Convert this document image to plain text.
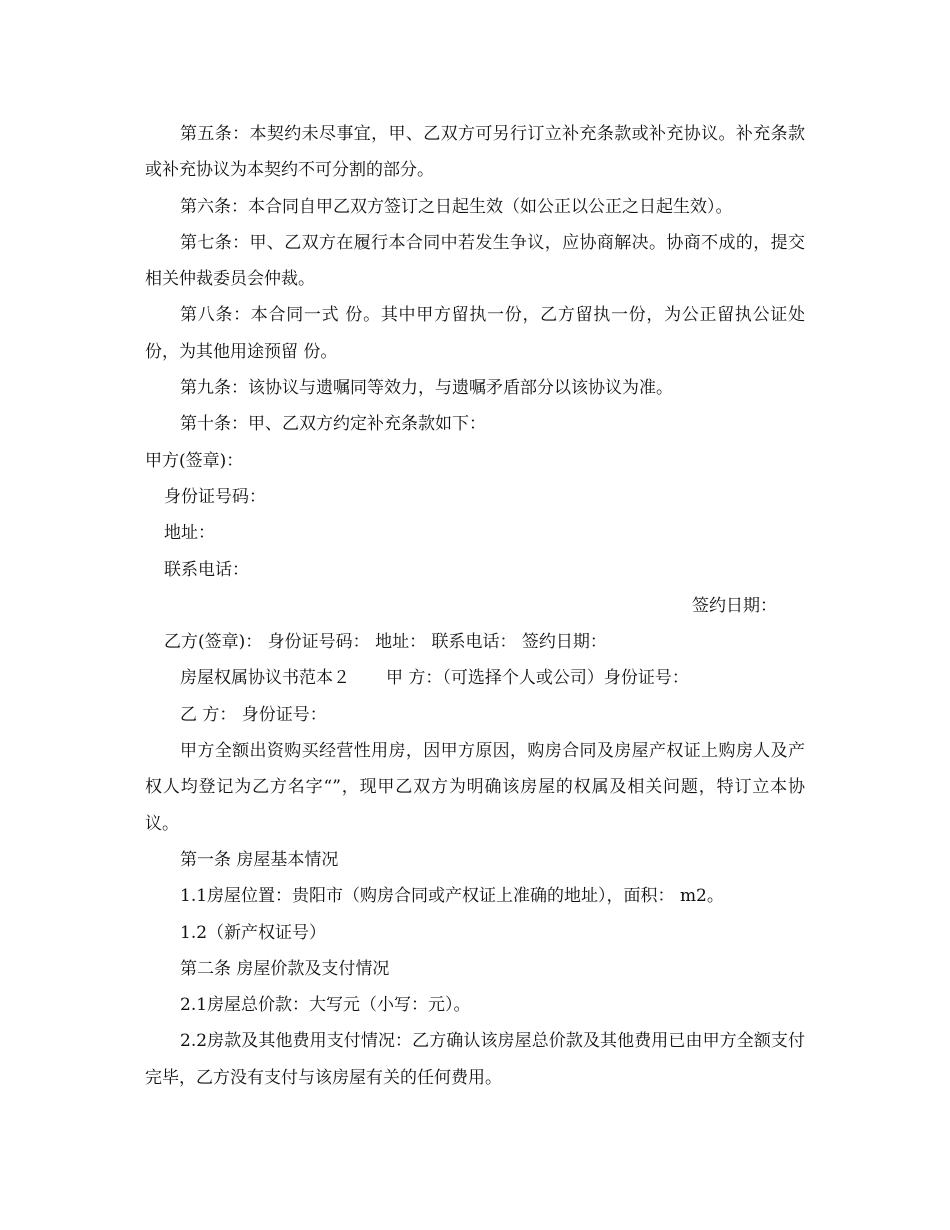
第五条：本契约未尽事宜，甲、乙双方可另行订立补充条款或补充协议。补充条款或补充协议为本契约不可分割的部分。

第六条：本合同自甲乙双方签订之日起生效（如公正以公正之日起生效）。

第七条：甲、乙双方在履行本合同中若发生争议，应协商解决。协商不成的，提交相关仲裁委员会仲裁。

第八条：本合同一式 份。其中甲方留执一份，乙方留执一份，为公正留执公证处份，为其他用途预留 份。

第九条：该协议与遗嘱同等效力，与遗嘱矛盾部分以该协议为准。

第十条：甲、乙双方约定补充条款如下：

甲方(签章)：

身份证号码：

地址：

联系电话：

签约日期：

乙方(签章)： 身份证号码： 地址： 联系电话： 签约日期：

房屋权属协议书范本２ 甲 方：（可选择个人或公司）身份证号：

乙 方： 身份证号：

甲方全额出资购买经营性用房，因甲方原因，购房合同及房屋产权证上购房人及产权人均登记为乙方名字“”，现甲乙双方为明确该房屋的权属及相关问题，特订立本协议。

第一条 房屋基本情况

1.1房屋位置：贵阳市（购房合同或产权证上准确的地址），面积： m2。

1.2（新产权证号）

第二条 房屋价款及支付情况

2.1房屋总价款：大写元（小写：元）。

2.2房款及其他费用支付情况：乙方确认该房屋总价款及其他费用已由甲方全额支付完毕，乙方没有支付与该房屋有关的任何费用。
